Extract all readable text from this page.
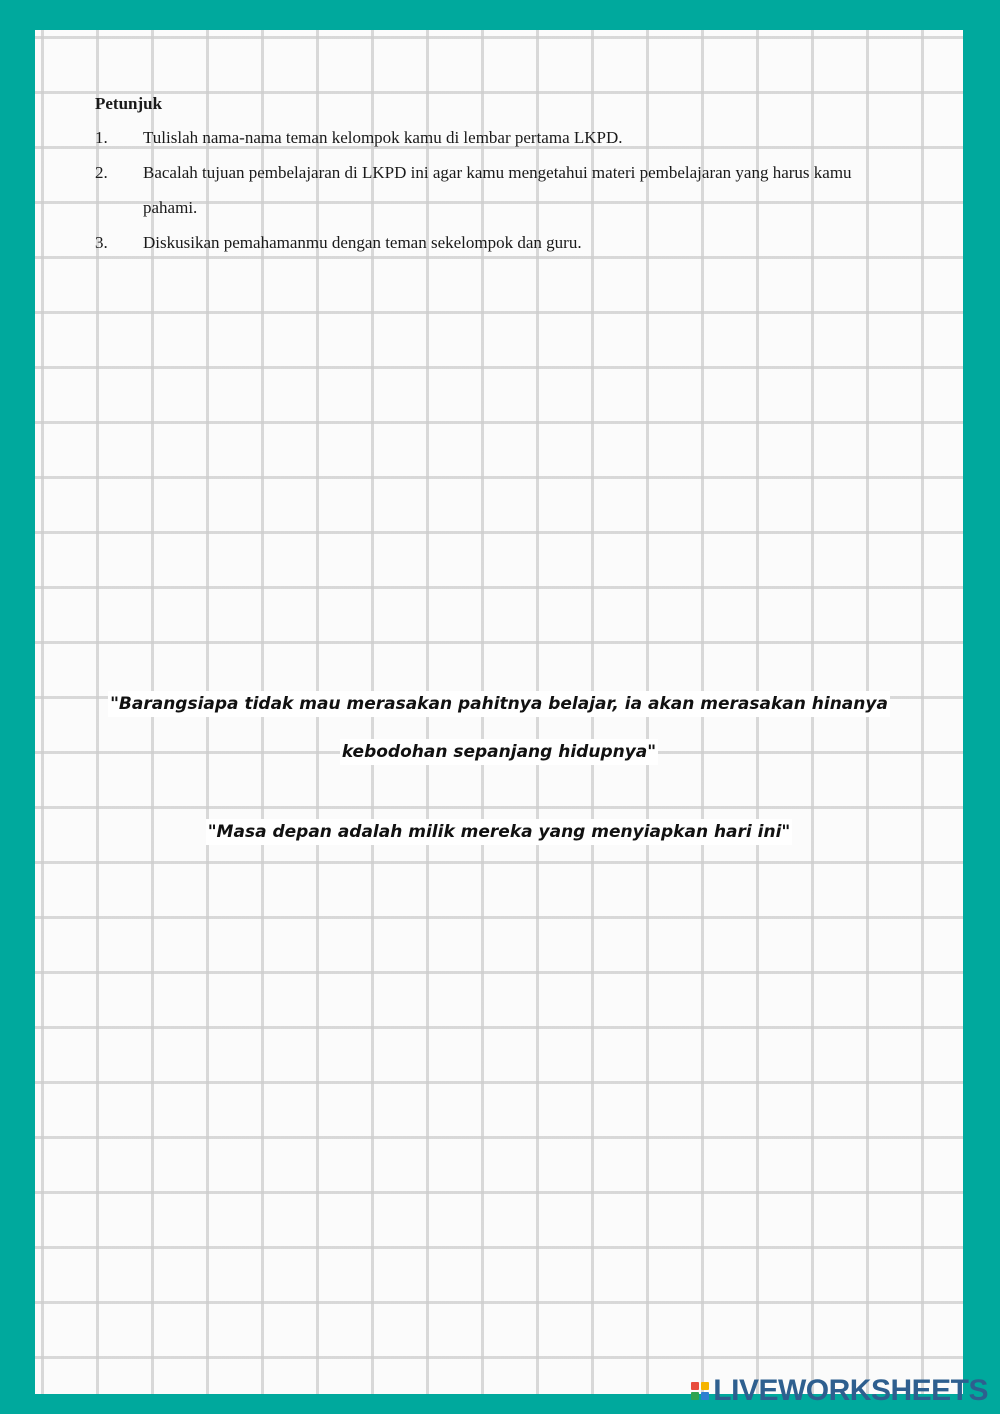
Petunjuk
1.	Tulislah nama-nama teman kelompok kamu di lembar pertama LKPD.
2.	Bacalah tujuan pembelajaran di LKPD ini agar kamu mengetahui materi pembelajaran yang harus kamu pahami.
3.	Diskusikan pemahamanmu dengan teman sekelompok dan guru.
"Barangsiapa tidak mau merasakan pahitnya belajar, ia akan merasakan hinanya
kebodohan sepanjang hidupnya"
"Masa depan adalah milik mereka yang menyiapkan hari ini"
LIVEWORKSHEETS
